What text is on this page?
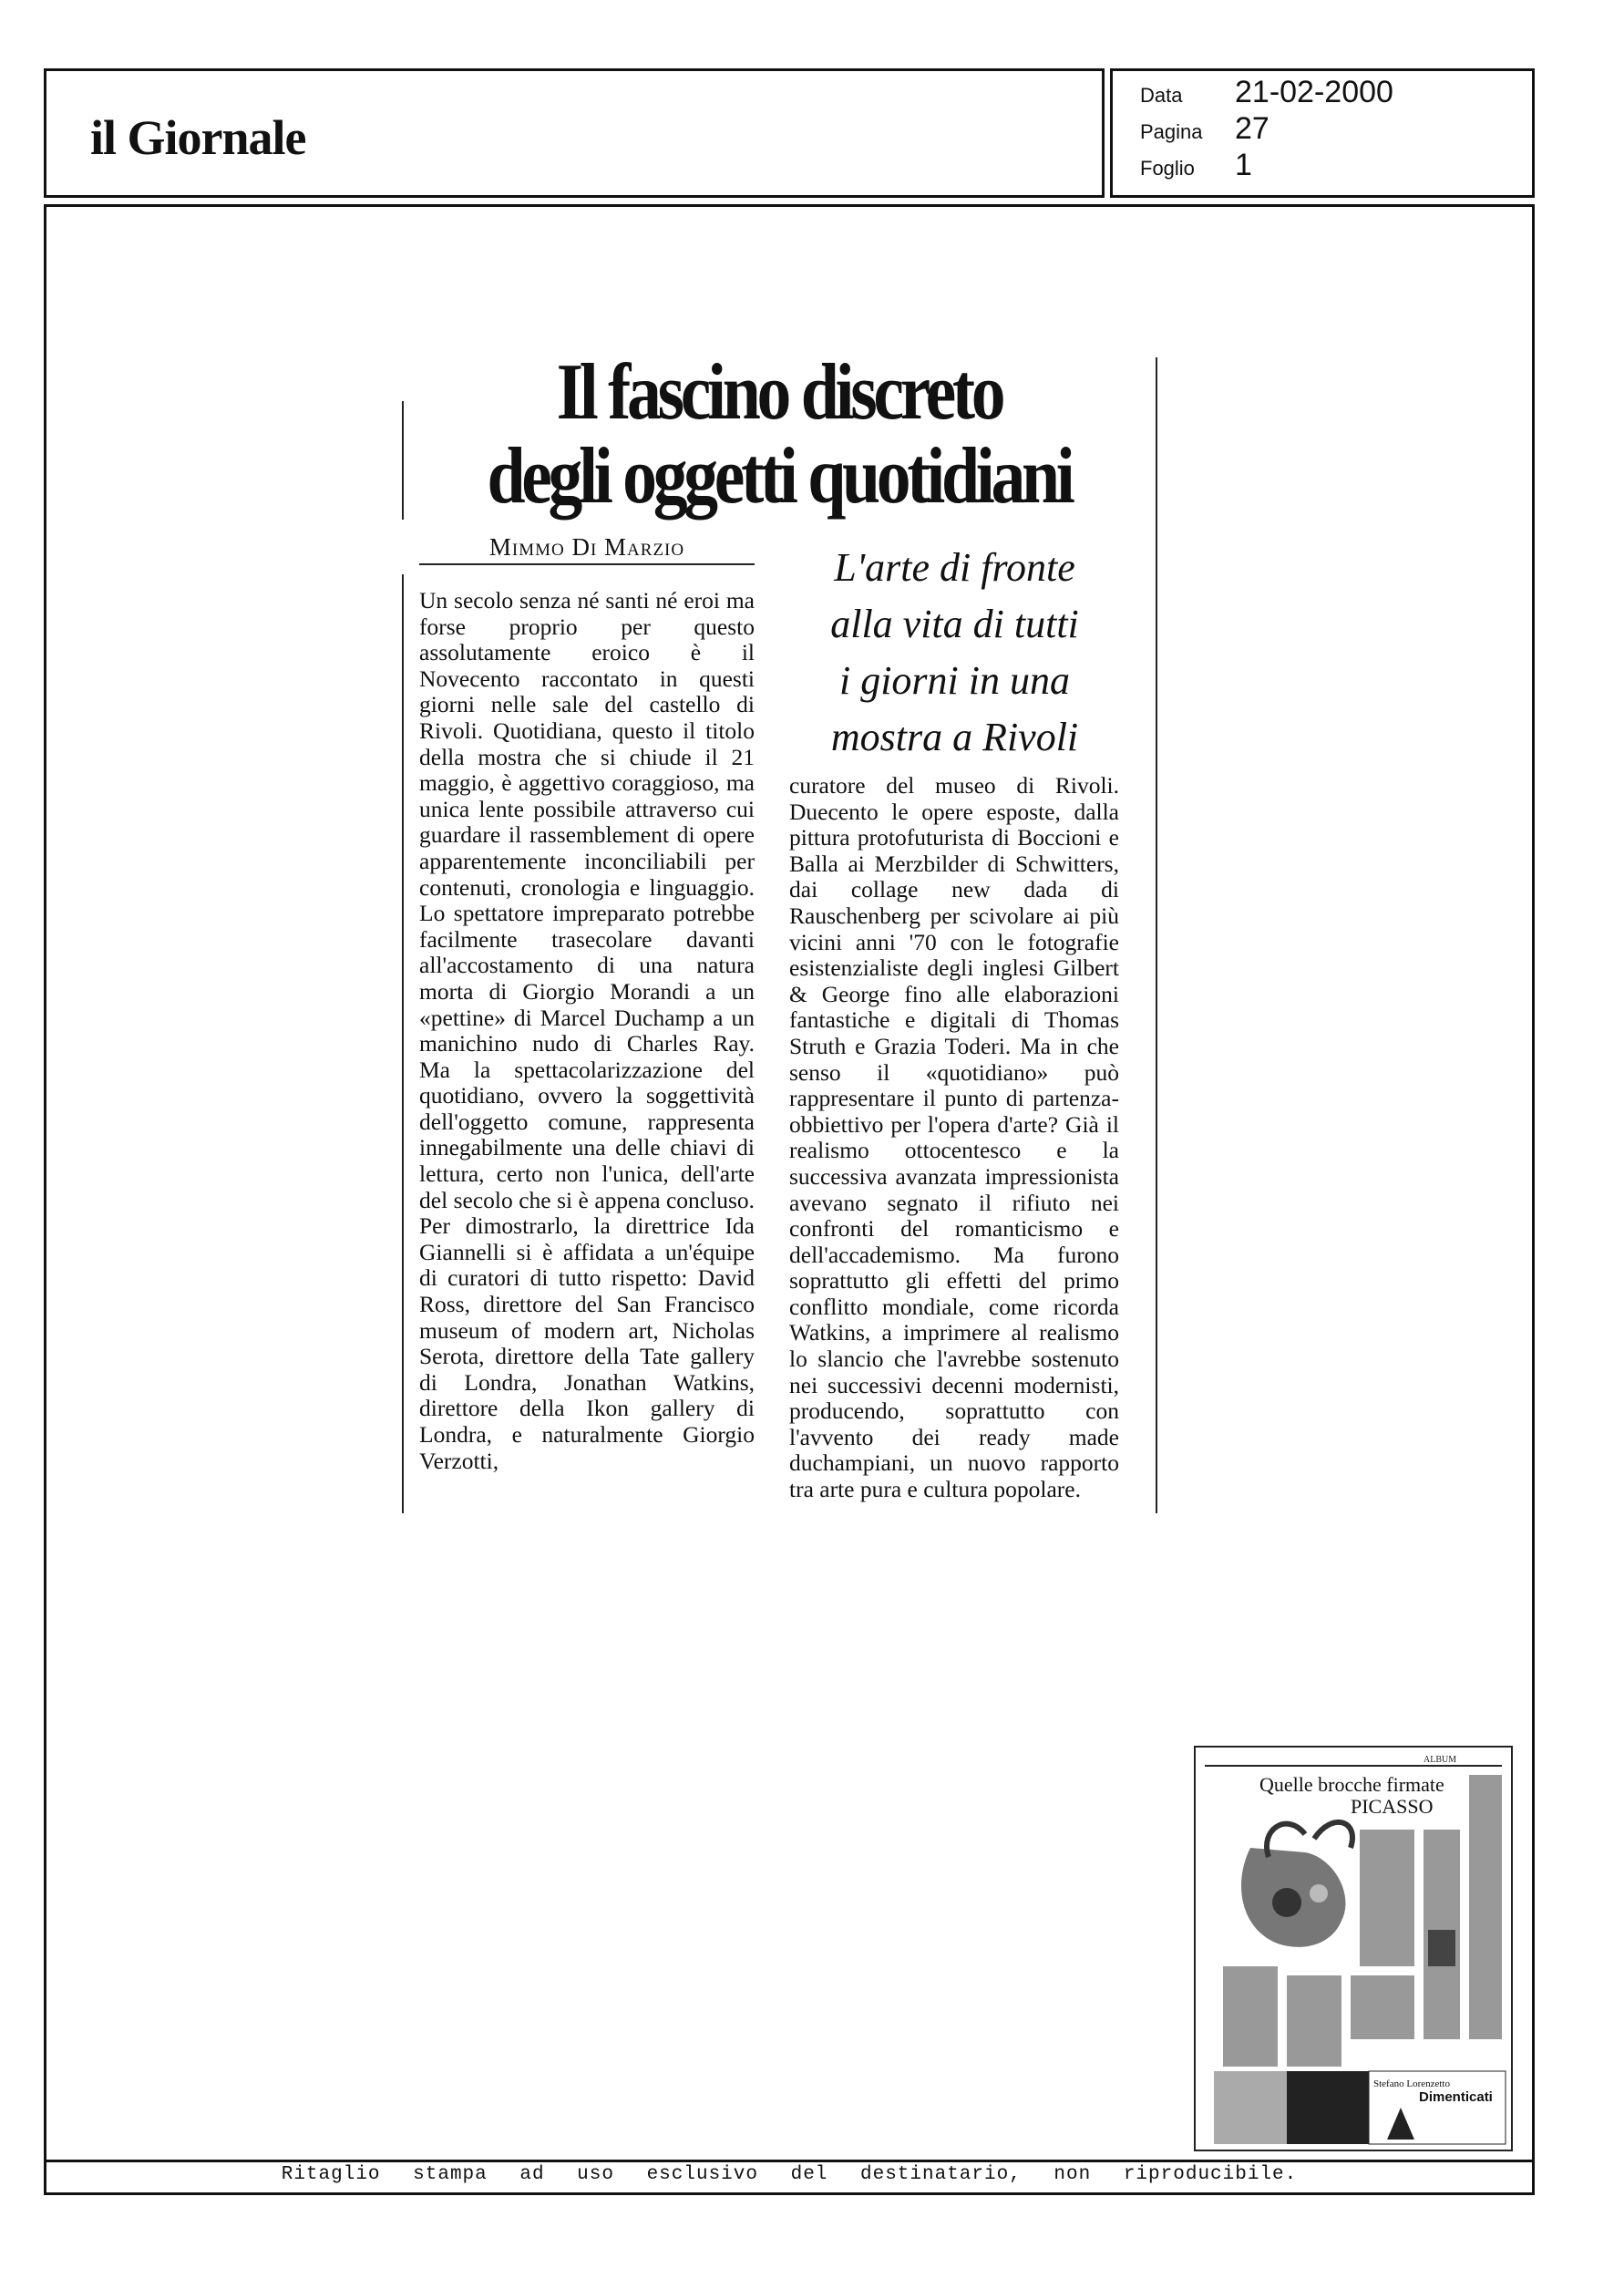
il Giornale
Data 21-02-2000
Pagina 27
Foglio 1
Il fascino discreto
degli oggetti quotidiani
Mimmo Di Marzio	L'arte di fronte
alla vita di tutti
i giorni in una
mostra a Rivoli
Un secolo senza né santi né eroi ma forse proprio per questo assolutamente eroico è il Novecento raccontato in questi giorni nelle sale del castello di Rivoli. Quotidiana, questo il titolo della mostra che si chiude il 21 maggio, è aggettivo coraggioso, ma unica lente possibile attraverso cui guardare il rassemblement di opere apparentemente inconciliabili per contenuti, cronologia e linguaggio. Lo spettatore impreparato potrebbe facilmente trasecolare davanti all'accostamento di una natura morta di Giorgio Morandi a un «pettine» di Marcel Duchamp a un manichino nudo di Charles Ray. Ma la spettacolarizzazione del quotidiano, ovvero la soggettività dell'oggetto comune, rappresenta innegabilmente una delle chiavi di lettura, certo non l'unica, dell'arte del secolo che si è appena concluso. Per dimostrarlo, la direttrice Ida Giannelli si è affidata a un'équipe di curatori di tutto rispetto: David Ross, direttore del San Francisco museum of modern art, Nicholas Serota, direttore della Tate gallery di Londra, Jonathan Watkins, direttore della Ikon gallery di Londra, e naturalmente Giorgio Verzotti,
curatore del museo di Rivoli. Duecento le opere esposte, dalla pittura protofuturista di Boccioni e Balla ai Merzbilder di Schwitters, dai collage new dada di Rauschenberg per scivolare ai più vicini anni '70 con le fotografie esistenzialiste degli inglesi Gilbert & George fino alle elaborazioni fantastiche e digitali di Thomas Struth e Grazia Toderi. Ma in che senso il «quotidiano» può rappresentare il punto di partenza-obbiettivo per l'opera d'arte? Già il realismo ottocentesco e la successiva avanzata impressionista avevano segnato il rifiuto nei confronti del romanticismo e dell'accademismo. Ma furono soprattutto gli effetti del primo conflitto mondiale, come ricorda Watkins, a imprimere al realismo lo slancio che l'avrebbe sostenuto nei successivi decenni modernisti, producendo, soprattutto con l'avvento dei ready made duchampiani, un nuovo rapporto tra arte pura e cultura popolare.
ALBUM
Quelle brocche firmate
PICASSO
Stefano Lorenzetto
Dimenticati
Ritaglio stampa ad uso esclusivo del destinatario, non riproducibile.
